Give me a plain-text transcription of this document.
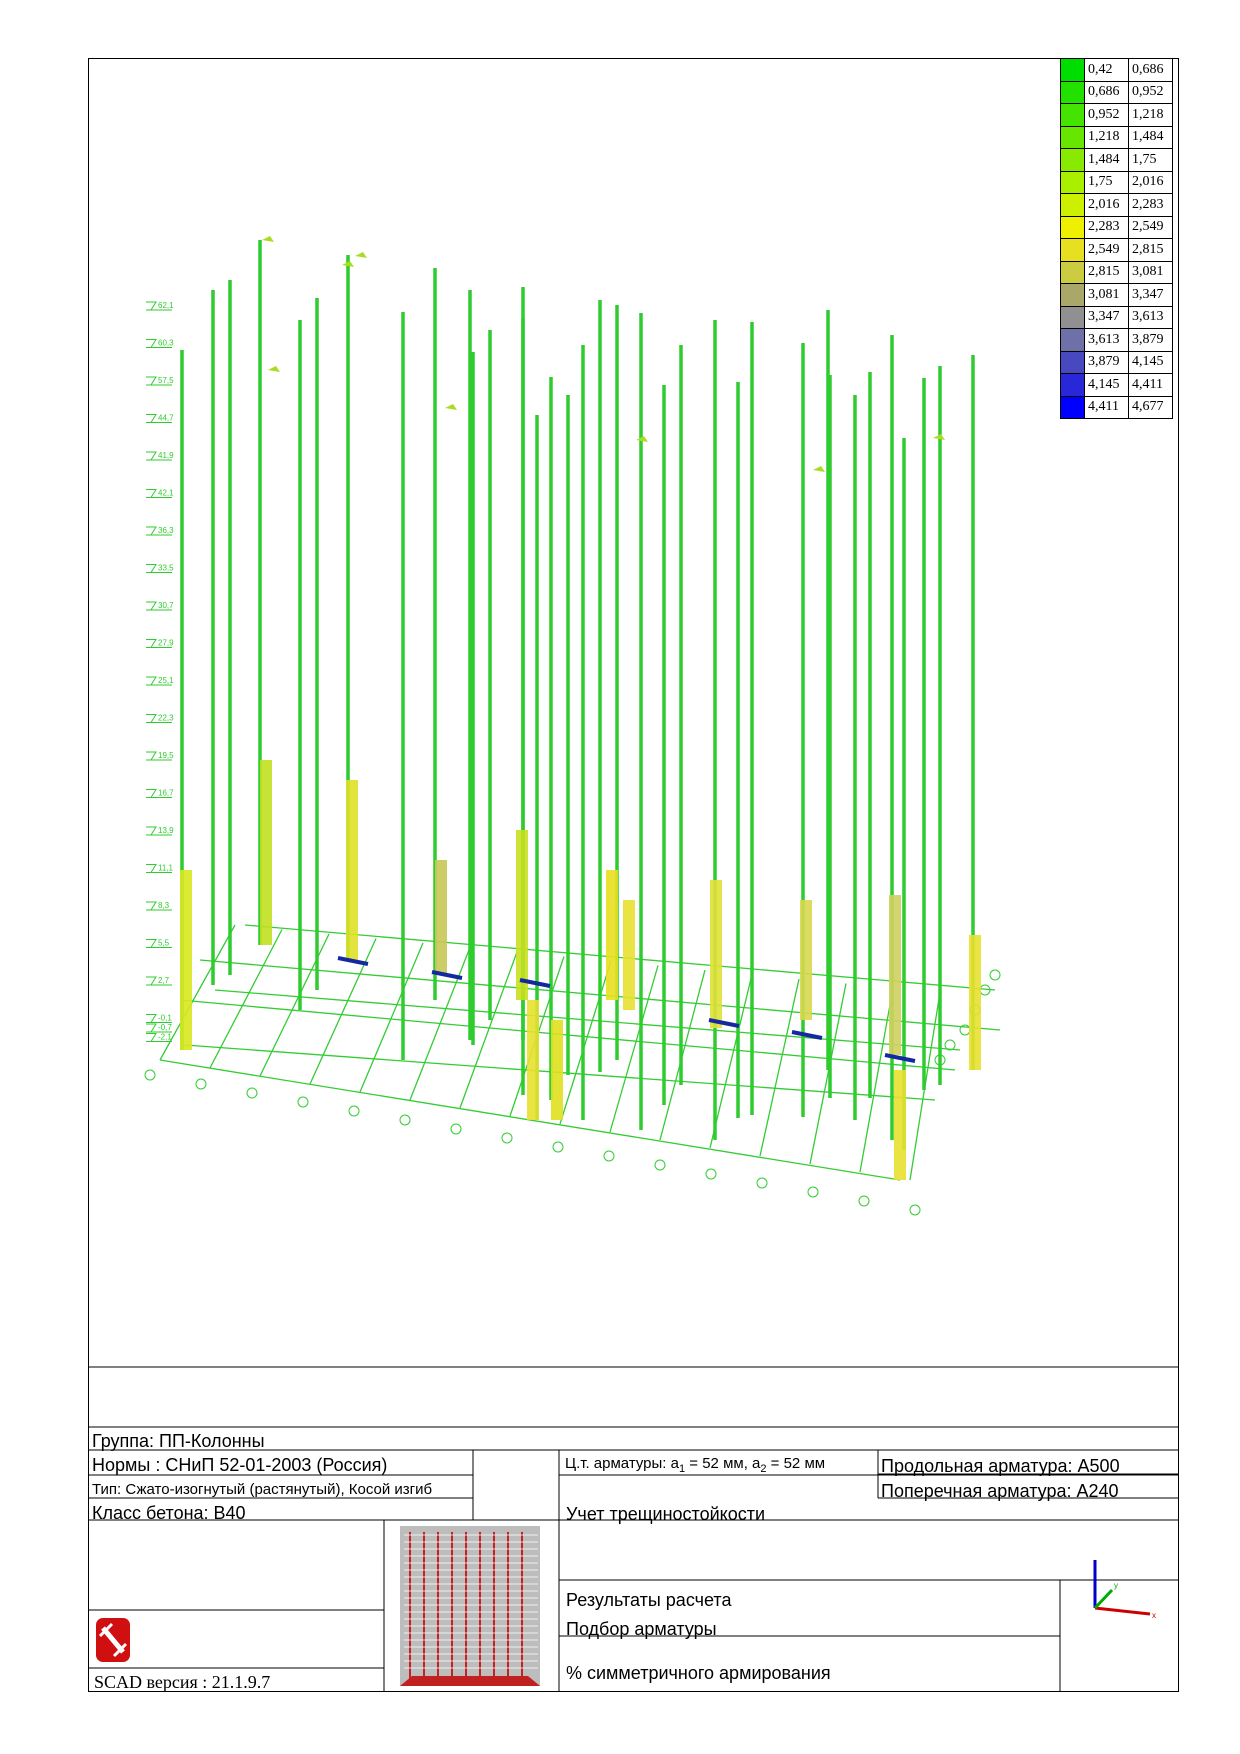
62,1
60,3
57,5
44,7
41,9
42,1
36,3
33,5
30,7
27,9
25,1
22,3
19,5
16,7
13,9
11,1
8,3
5,5
2,7
-0,1
-0,7
-2,1
y
x
	0,42	0,686
	0,686	0,952
	0,952	1,218
	1,218	1,484
	1,484	1,75
	1,75	2,016
	2,016	2,283
	2,283	2,549
	2,549	2,815
	2,815	3,081
	3,081	3,347
	3,347	3,613
	3,613	3,879
	3,879	4,145
	4,145	4,411
	4,411	4,677
Группа: ПП-Колонны
Нормы : СНиП 52-01-2003 (Россия)
Тип: Сжато-изогнутый (растянутый), Косой изгиб
Класс бетона: B40
Ц.т. арматуры: $a_1 = 52$ мм, $a_2 = 52$ мм	Продольная арматура: A500
Поперечная арматура: A240
Учет трещиностойкости
Результаты расчета
Подбор арматуры
% симметричного армирования
SCAD версия : 21.1.9.7
